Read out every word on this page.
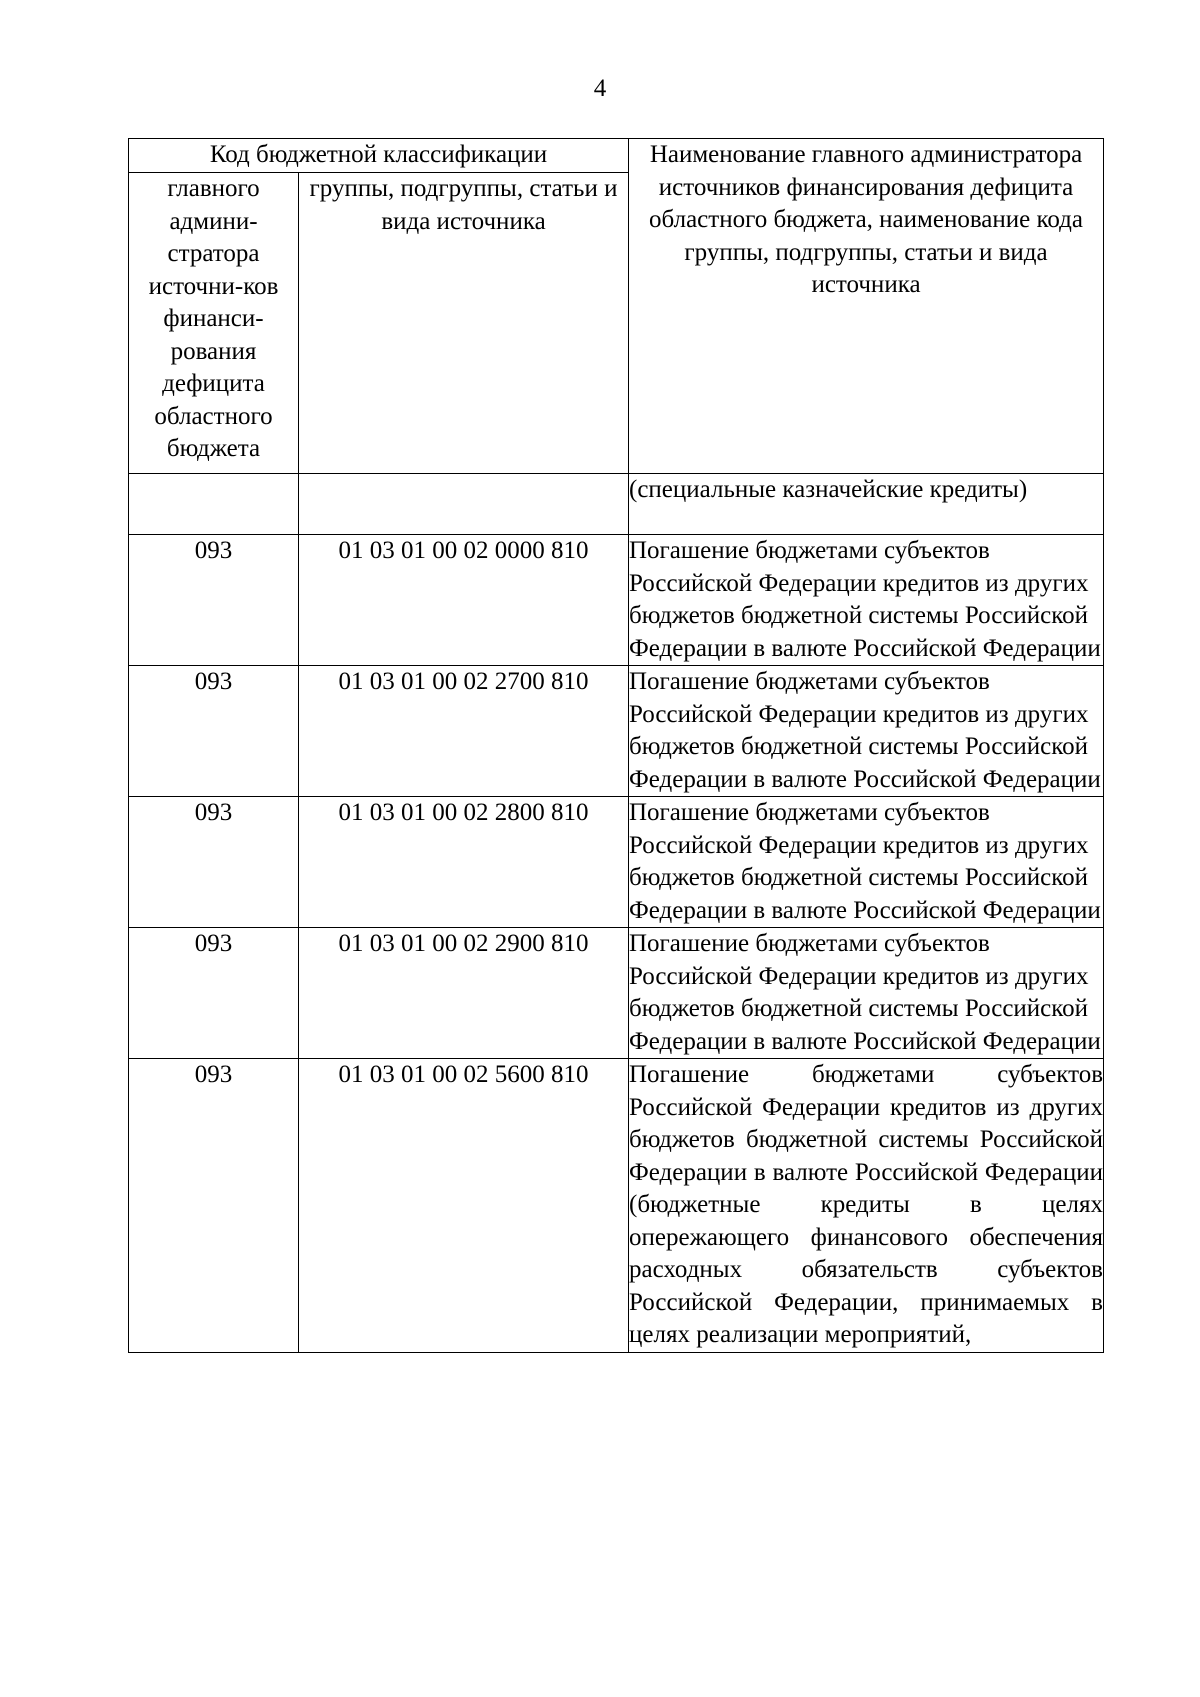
4
Код бюджетной классификации		Наименование главного администратора источников финансирования дефицита областного бюджета, наименование кода группы, подгруппы, статьи и вида источника
главного админи-стратора источни-ков финанси-рования дефицита областного бюджета	группы, подгруппы, статьи и вида источника	
		(специальные казначейские кредиты)
093	01 03 01 00 02 0000 810	Погашение бюджетами субъектов Российской Федерации кредитов из других бюджетов бюджетной системы Российской Федерации в валюте Российской Федерации
093	01 03 01 00 02 2700 810	Погашение бюджетами субъектов Российской Федерации кредитов из других бюджетов бюджетной системы Российской Федерации в валюте Российской Федерации
093	01 03 01 00 02 2800 810	Погашение бюджетами субъектов Российской Федерации кредитов из других бюджетов бюджетной системы Российской Федерации в валюте Российской Федерации
093	01 03 01 00 02 2900 810	Погашение бюджетами субъектов Российской Федерации кредитов из других бюджетов бюджетной системы Российской Федерации в валюте Российской Федерации
093	01 03 01 00 02 5600 810	Погашение бюджетами субъектов Российской Федерации кредитов из других бюджетов бюджетной системы Российской Федерации в валюте Российской Федерации (бюджетные кредиты в целях опережающего финансового обеспечения расходных обязательств субъектов Российской Федерации, принимаемых в целях реализации мероприятий,
